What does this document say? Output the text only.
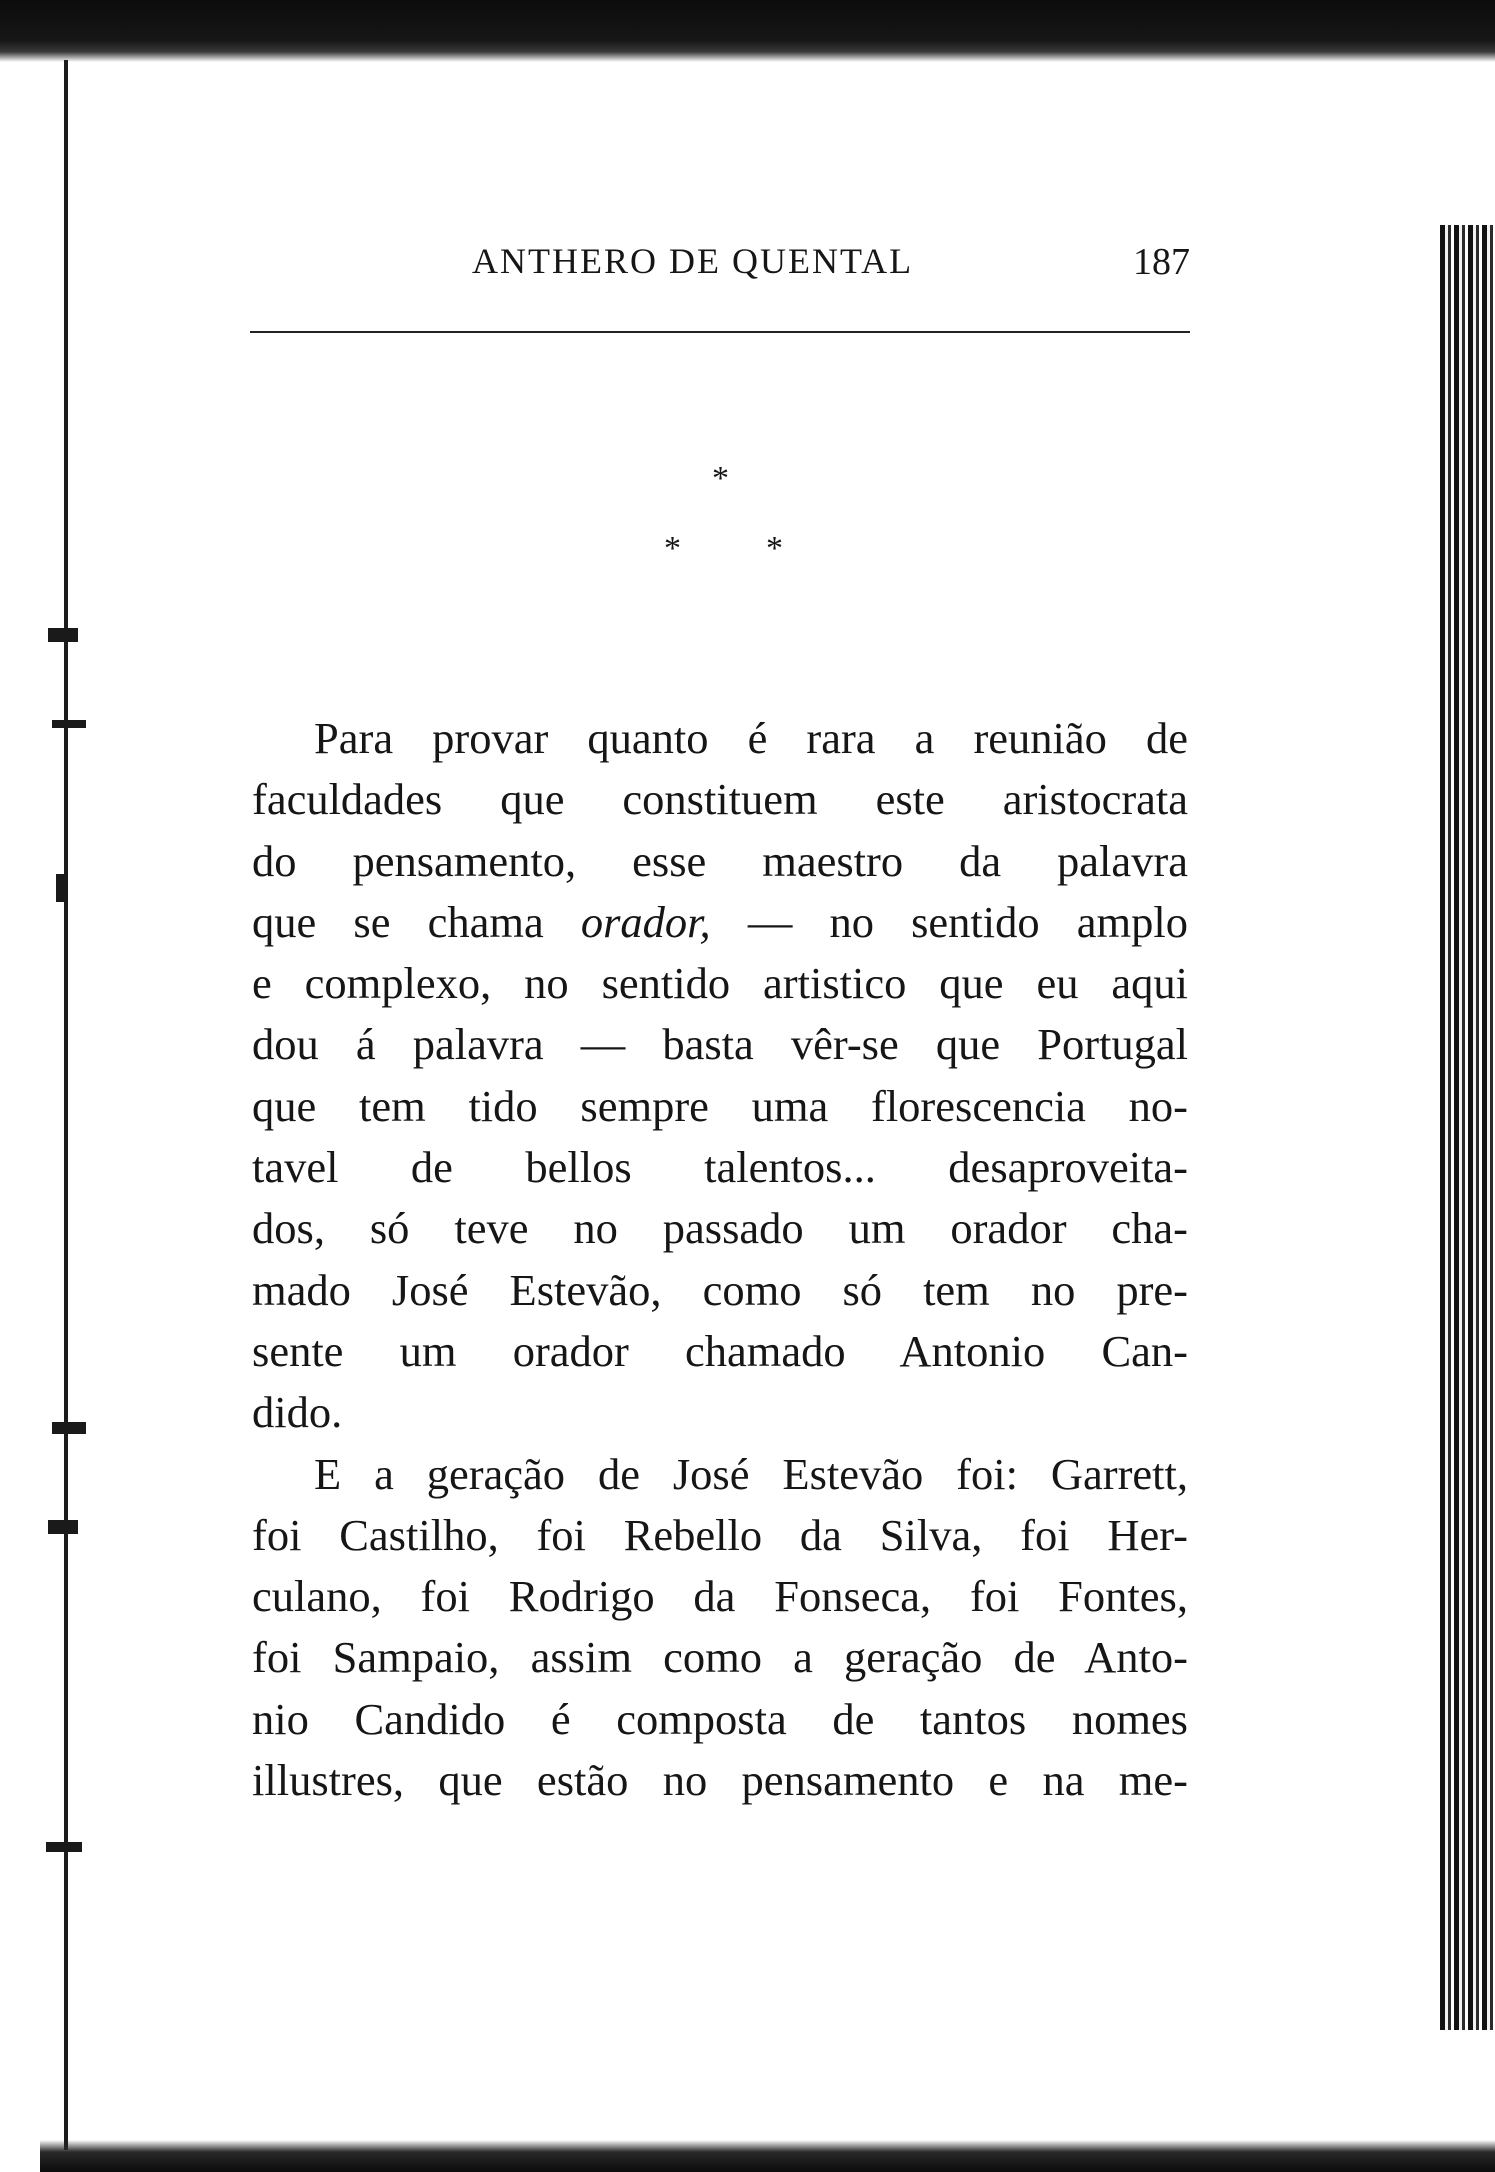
ANTHERO DE QUENTAL	187
*
*	*
Para provar quanto é rara a reunião de
faculdades que constituem este aristocrata
do pensamento, esse maestro da palavra
que se chama orador, — no sentido amplo
e complexo, no sentido artistico que eu aqui
dou á palavra — basta vêr-se que Portugal
que tem tido sempre uma florescencia no-
tavel de bellos talentos... desaproveita-
dos, só teve no passado um orador cha-
mado José Estevão, como só tem no pre-
sente um orador chamado Antonio Can-
dido.
E a geração de José Estevão foi: Garrett,
foi Castilho, foi Rebello da Silva, foi Her-
culano, foi Rodrigo da Fonseca, foi Fontes,
foi Sampaio, assim como a geração de Anto-
nio Candido é composta de tantos nomes
illustres, que estão no pensamento e na me-
